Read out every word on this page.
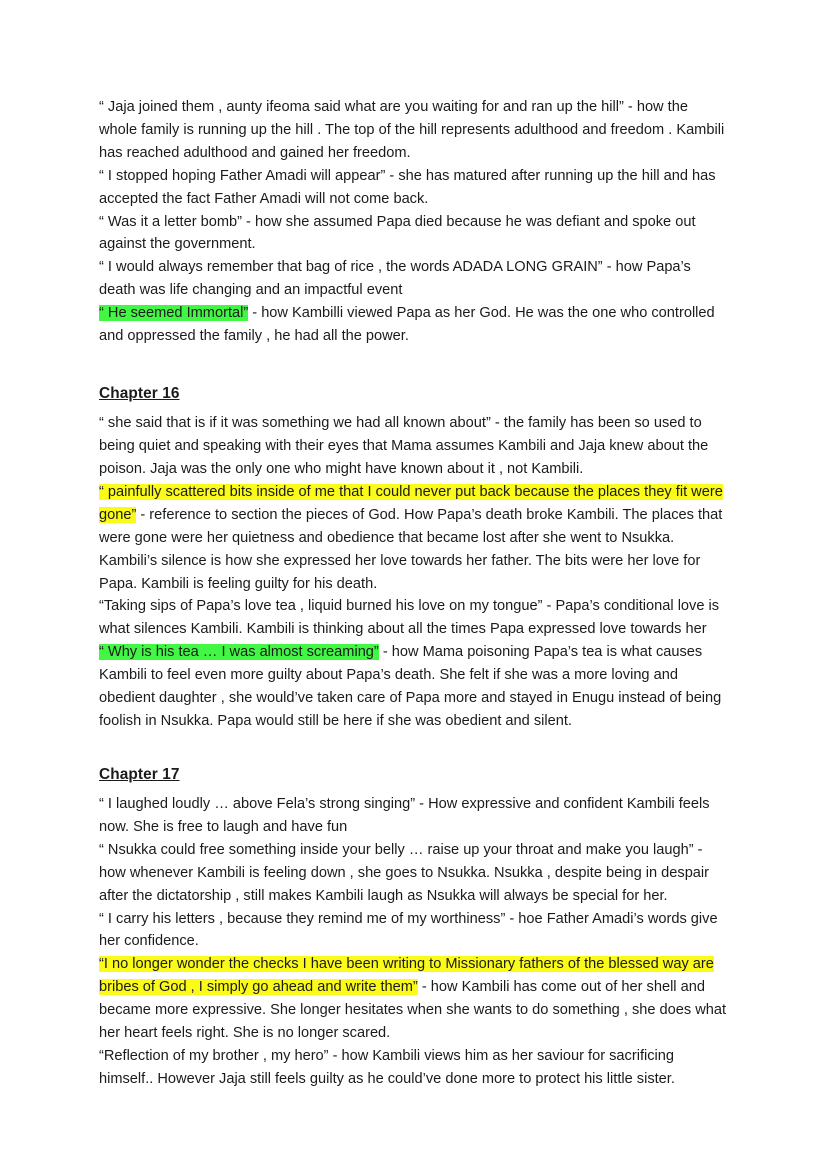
“ Jaja joined them , aunty ifeoma said what are you waiting for and ran up the hill” - how the whole family is running up the hill . The top of the hill represents adulthood and freedom . Kambili has reached adulthood and gained her freedom.

“ I stopped hoping Father Amadi will appear” - she has matured after running up the hill and has accepted the fact Father Amadi will not come back.

“ Was it a letter bomb” - how she assumed Papa died because he was defiant and spoke out against the government.

“ I would always remember that bag of rice , the words ADADA LONG GRAIN” - how Papa’s death was life changing and an impactful event

“ He seemed Immortal” - how Kambilli viewed Papa as her God. He was the one who controlled and oppressed the family , he had all the power.

Chapter 16

“ she said that is if it was something we had all known about” - the family has been so used to being quiet and speaking with their eyes that Mama assumes Kambili and Jaja knew about the poison. Jaja was the only one who might have known about it , not Kambili.

“ painfully scattered bits inside of me that I could never put back because the places they fit were gone” - reference to section the pieces of God. How Papa’s death broke Kambili. The places that were gone were her quietness and obedience that became lost after she went to Nsukka. Kambili’s silence is how she expressed her love towards her father. The bits were her love for Papa. Kambili is feeling guilty for his death.

“Taking sips of Papa’s love tea , liquid burned his love on my tongue” - Papa’s conditional love is what silences Kambili. Kambili is thinking about all the times Papa expressed love towards her

“ Why is his tea … I was almost screaming” - how Mama poisoning Papa’s tea is what causes Kambili to feel even more guilty about Papa’s death. She felt if she was a more loving and obedient daughter , she would’ve taken care of Papa more and stayed in Enugu instead of being foolish in Nsukka. Papa would still be here if she was obedient and silent.

Chapter 17

“ I laughed loudly … above Fela’s strong singing” - How expressive and confident Kambili feels now. She is free to laugh and have fun

“ Nsukka could free something inside your belly … raise up your throat and make you laugh” - how whenever Kambili is feeling down , she goes to Nsukka. Nsukka , despite being in despair after the dictatorship , still makes Kambili laugh as Nsukka will always be special for her.

“ I carry his letters , because they remind me of my worthiness” - hoe Father Amadi’s words give her confidence.

“I no longer wonder the checks I have been writing to Missionary fathers of the blessed way are bribes of God , I simply go ahead and write them” - how Kambili has come out of her shell and became more expressive. She longer hesitates when she wants to do something , she does what her heart feels right. She is no longer scared.

“Reflection of my brother , my hero” - how Kambili views him as her saviour for sacrificing himself.. However Jaja still feels guilty as he could’ve done more to protect his little sister.
